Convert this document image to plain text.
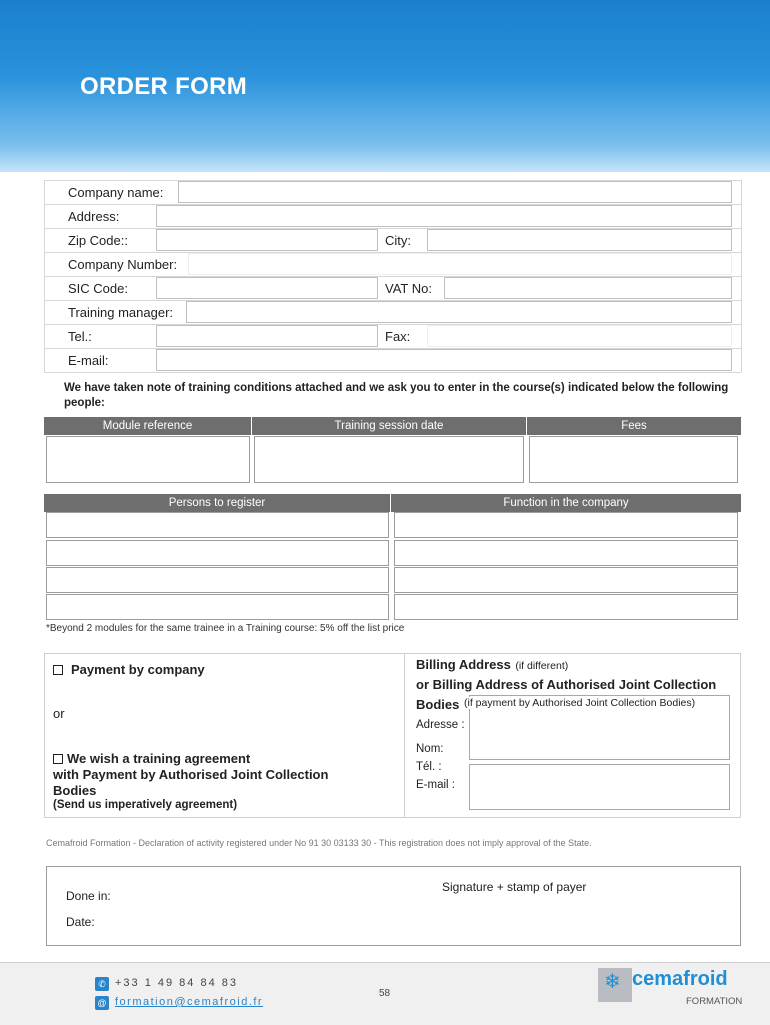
ORDER FORM
Company name:
Address:
Zip Code::	City:
Company Number:
SIC Code:	VAT No:
Training manager:
Tel.:	Fax:
E-mail:
We have taken note of training conditions attached and we ask you to enter in the course(s) indicated below the following people:
Module reference	Training session date	Fees
Persons to register	Function in the company
*Beyond 2 modules for the same trainee in a Training course: 5% off the list price
Payment by company
or
We wish a training agreement
with Payment by Authorised Joint Collection
Bodies
(Send us imperatively agreement)
Billing Address (if different)
or Billing Address of Authorised Joint Collection
Bodies (if payment by Authorised Joint Collection Bodies)
Adresse :
Nom:
Tél. :
E-mail :
Cemafroid Formation - Declaration of activity registered under No 91 30 03133 30 - This registration does not imply approval of the State.
Done in:
Date:
Signature + stamp of payer
✆ +33 1 49 84 84 83
@ formation@cemafroid.fr
58
❄ cemafroid
FORMATION
